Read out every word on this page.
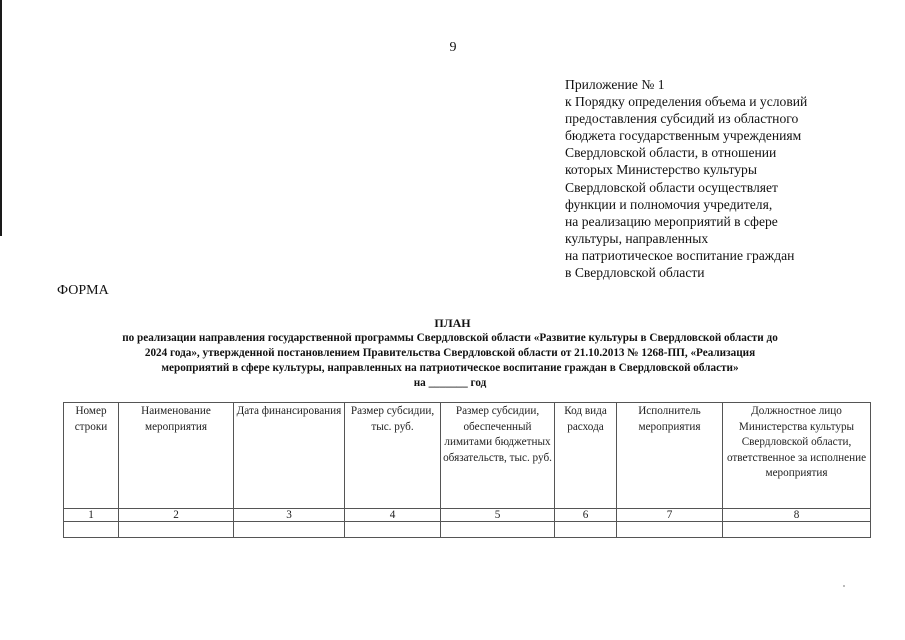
9
Приложение № 1
к Порядку определения объема и условий
предоставления субсидий из областного
бюджета государственным учреждениям
Свердловской области, в отношении
которых Министерство культуры
Свердловской области осуществляет
функции и полномочия учредителя,
на реализацию мероприятий в сфере
культуры, направленных
на патриотическое воспитание граждан
в Свердловской области
ФОРМА
ПЛАН
по реализации направления государственной программы Свердловской области «Развитие культуры в Свердловской области до
2024 года», утвержденной постановлением Правительства Свердловской области от 21.10.2013 № 1268-ПП, «Реализация
мероприятий в сфере культуры, направленных на патриотическое воспитание граждан в Свердловской области»
на _______ год
Номер строки	Наименование мероприятия	Дата финансирования	Размер субсидии, тыс. руб.	Размер субсидии, обеспеченный лимитами бюджетных обязательств, тыс. руб.	Код вида расхода	Исполнитель мероприятия	Должностное лицо Министерства культуры Свердловской области, ответственное за исполнение мероприятия
1	2	3	4	5	6	7	8
